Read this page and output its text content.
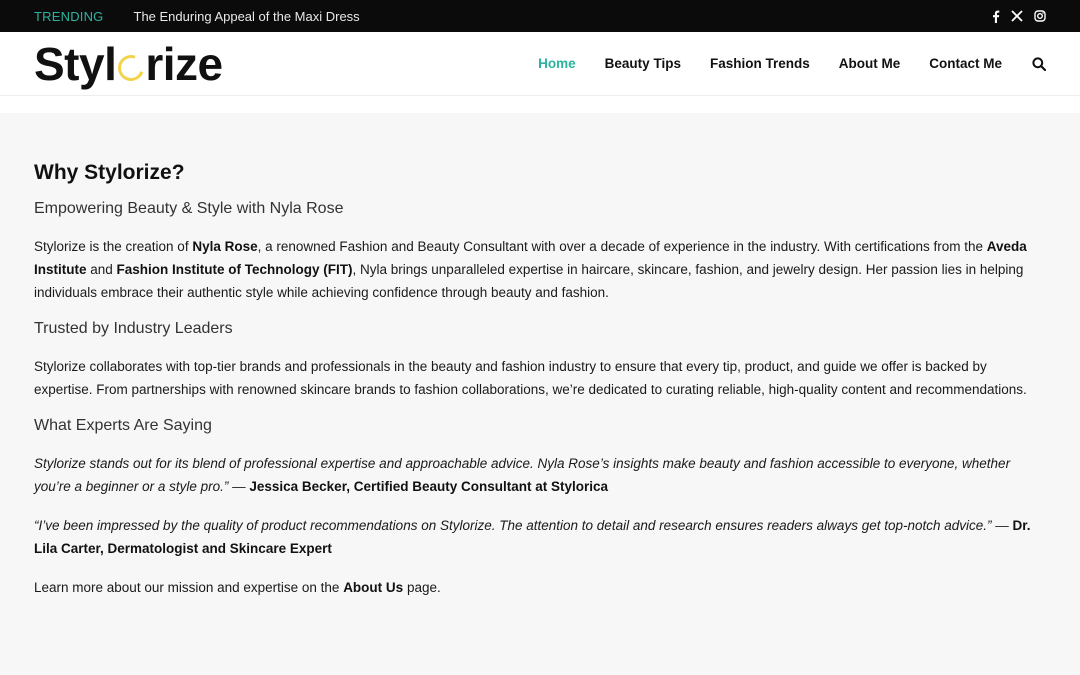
TRENDING The Enduring Appeal of the Maxi Dress
Styl rize	Home Beauty Tips Fashion Trends About Me Contact Me
Why Stylorize?
Empowering Beauty & Style with Nyla Rose

Stylorize is the creation of Nyla Rose, a renowned Fashion and Beauty Consultant with over a decade of experience in the industry. With certifications from the Aveda Institute and Fashion Institute of Technology (FIT), Nyla brings unparalleled expertise in haircare, skincare, fashion, and jewelry design. Her passion lies in helping individuals embrace their authentic style while achieving confidence through beauty and fashion.

Trusted by Industry Leaders

Stylorize collaborates with top-tier brands and professionals in the beauty and fashion industry to ensure that every tip, product, and guide we offer is backed by expertise. From partnerships with renowned skincare brands to fashion collaborations, we’re dedicated to curating reliable, high-quality content and recommendations.

What Experts Are Saying

Stylorize stands out for its blend of professional expertise and approachable advice. Nyla Rose’s insights make beauty and fashion accessible to everyone, whether you’re a beginner or a style pro.” — Jessica Becker, Certified Beauty Consultant at Stylorica

“I’ve been impressed by the quality of product recommendations on Stylorize. The attention to detail and research ensures readers always get top-notch advice.” — Dr. Lila Carter, Dermatologist and Skincare Expert

Learn more about our mission and expertise on the About Us page.
